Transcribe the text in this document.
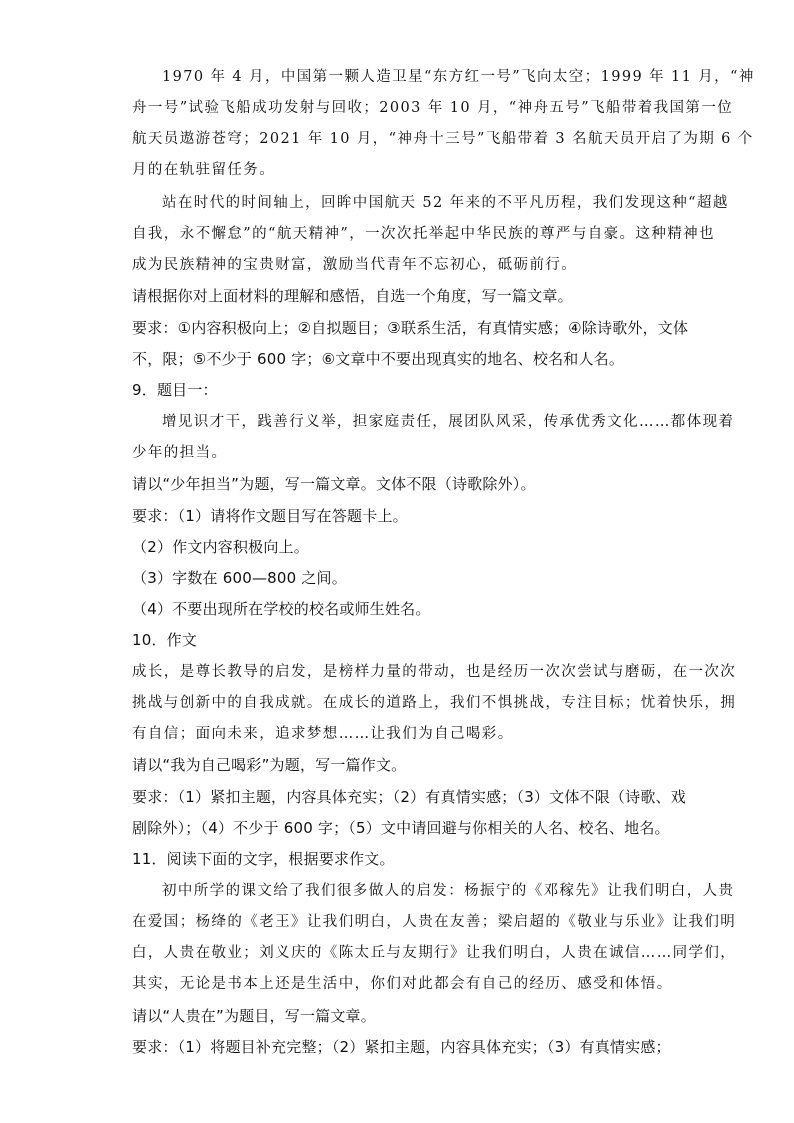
1970 年 4 月，中国第一颗人造卫星“东方红一号”飞向太空；1999 年 11 月，“神
舟一号”试验飞船成功发射与回收；2003 年 10 月，“神舟五号”飞船带着我国第一位
航天员遨游苍穹；2021 年 10 月，“神舟十三号”飞船带着 3 名航天员开启了为期 6 个
月的在轨驻留任务。
站在时代的时间轴上，回眸中国航天 52 年来的不平凡历程，我们发现这种“超越
自我，永不懈怠”的“航天精神”，一次次托举起中华民族的尊严与自豪。这种精神也
成为民族精神的宝贵财富，激励当代青年不忘初心，砥砺前行。
请根据你对上面材料的理解和感悟，自选一个角度，写一篇文章。
要求：①内容积极向上；②自拟题目；③联系生活，有真情实感；④除诗歌外，文体
不，限；⑤不少于 600 字；⑥文章中不要出现真实的地名、校名和人名。
9．题目一：
增见识才干，践善行义举，担家庭责任，展团队风采，传承优秀文化……都体现着
少年的担当。
请以“少年担当”为题，写一篇文章。文体不限（诗歌除外）。
要求：（1）请将作文题目写在答题卡上。
（2）作文内容积极向上。
（3）字数在 600—800 之间。
（4）不要出现所在学校的校名或师生姓名。
10．作文
成长，是尊长教导的启发，是榜样力量的带动，也是经历一次次尝试与磨砺，在一次次
挑战与创新中的自我成就。在成长的道路上，我们不惧挑战，专注目标；忧着快乐，拥
有自信；面向未来，追求梦想……让我们为自己喝彩。
请以“我为自己喝彩”为题，写一篇作文。
要求：（1）紧扣主题，内容具体充实；（2）有真情实感；（3）文体不限（诗歌、戏
剧除外）；（4）不少于 600 字；（5）文中请回避与你相关的人名、校名、地名。
11．阅读下面的文字，根据要求作文。
初中所学的课文给了我们很多做人的启发：杨振宁的《邓稼先》让我们明白，人贵
在爱国；杨绛的《老王》让我们明白，人贵在友善；梁启超的《敬业与乐业》让我们明
白，人贵在敬业；刘义庆的《陈太丘与友期行》让我们明白，人贵在诚信……同学们，
其实，无论是书本上还是生活中，你们对此都会有自己的经历、感受和体悟。
请以“人贵在”为题目，写一篇文章。
要求：（1）将题目补充完整；（2）紧扣主题，内容具体充实；（3）有真情实感；
